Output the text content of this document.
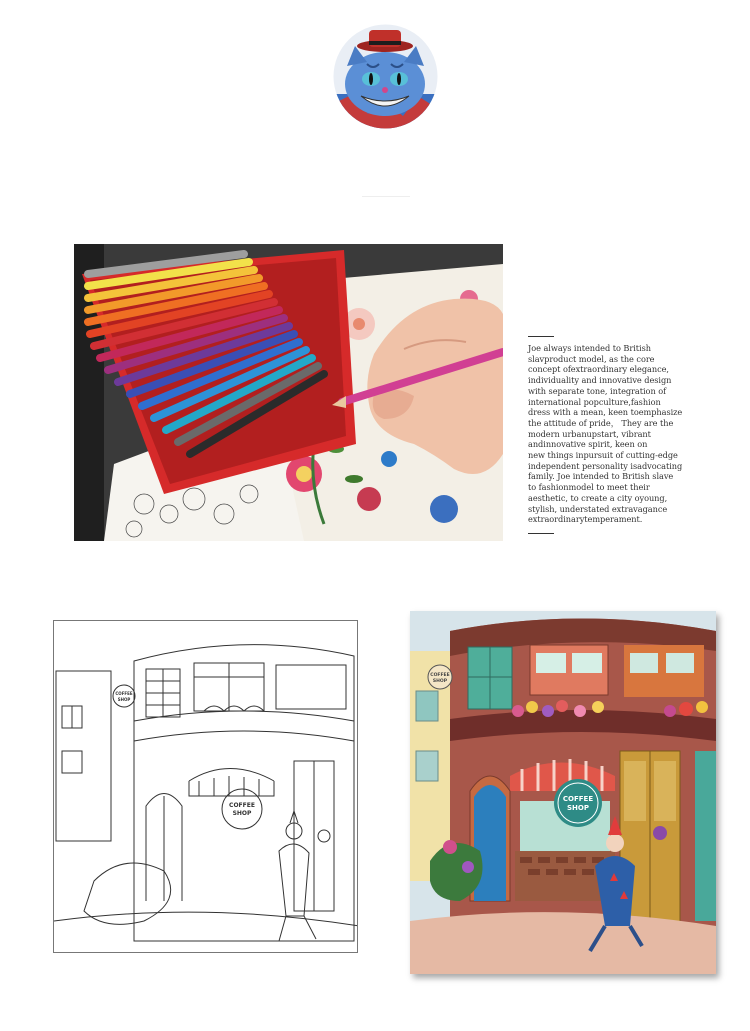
Joe always intended to British

slavproduct model, as the core

concept ofextraordinary elegance,

individuality and innovative design

with separate tone, integration of

international popculture,fashion

dress with a mean, keen toemphasize

the attitude of pride， They are the

modern urbanupstart, vibrant

andinnovative spirit, keen on

new things inpursuit of cutting-edge

independent personality isadvocating

family. Joe intended to British slave

to fashionmodel to meet their

aesthetic, to create a city oyoung,

stylish, understated extravagance

extraordinarytemperament.

COFFEE
SHOP
COFFEE
SHOP
COFFEE
SHOP
COFFEE
SHOP
